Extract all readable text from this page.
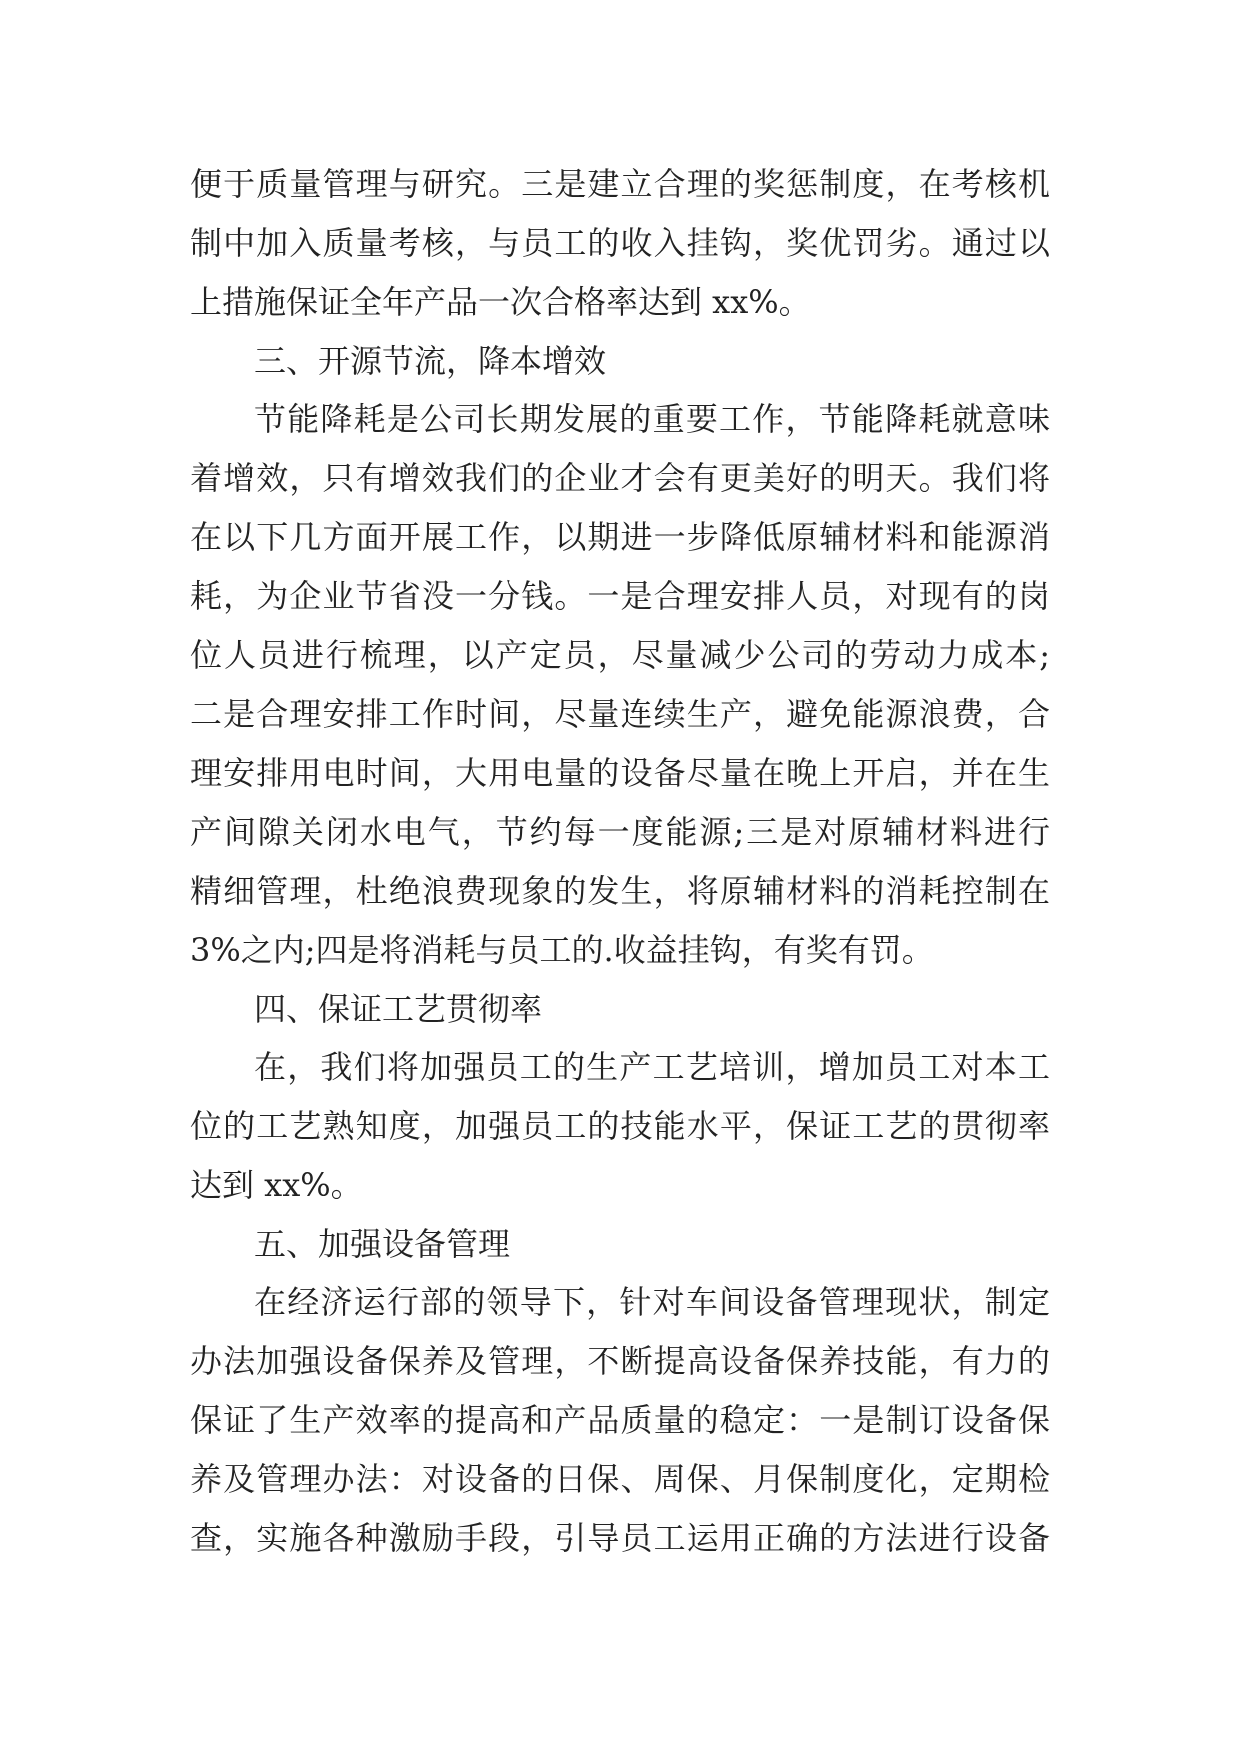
便于质量管理与研究。三是建立合理的奖惩制度，在考核机
制中加入质量考核，与员工的收入挂钩，奖优罚劣。通过以
上措施保证全年产品一次合格率达到 xx%。
三、开源节流，降本增效
节能降耗是公司长期发展的重要工作，节能降耗就意味
着增效，只有增效我们的企业才会有更美好的明天。我们将
在以下几方面开展工作，以期进一步降低原辅材料和能源消
耗，为企业节省没一分钱。一是合理安排人员，对现有的岗
位人员进行梳理，以产定员，尽量减少公司的劳动力成本;
二是合理安排工作时间，尽量连续生产，避免能源浪费，合
理安排用电时间，大用电量的设备尽量在晚上开启，并在生
产间隙关闭水电气，节约每一度能源;三是对原辅材料进行
精细管理，杜绝浪费现象的发生，将原辅材料的消耗控制在
3%之内;四是将消耗与员工的.收益挂钩，有奖有罚。
四、保证工艺贯彻率
在，我们将加强员工的生产工艺培训，增加员工对本工
位的工艺熟知度，加强员工的技能水平，保证工艺的贯彻率
达到 xx%。
五、加强设备管理
在经济运行部的领导下，针对车间设备管理现状，制定
办法加强设备保养及管理，不断提高设备保养技能，有力的
保证了生产效率的提高和产品质量的稳定：一是制订设备保
养及管理办法：对设备的日保、周保、月保制度化，定期检
查，实施各种激励手段，引导员工运用正确的方法进行设备
